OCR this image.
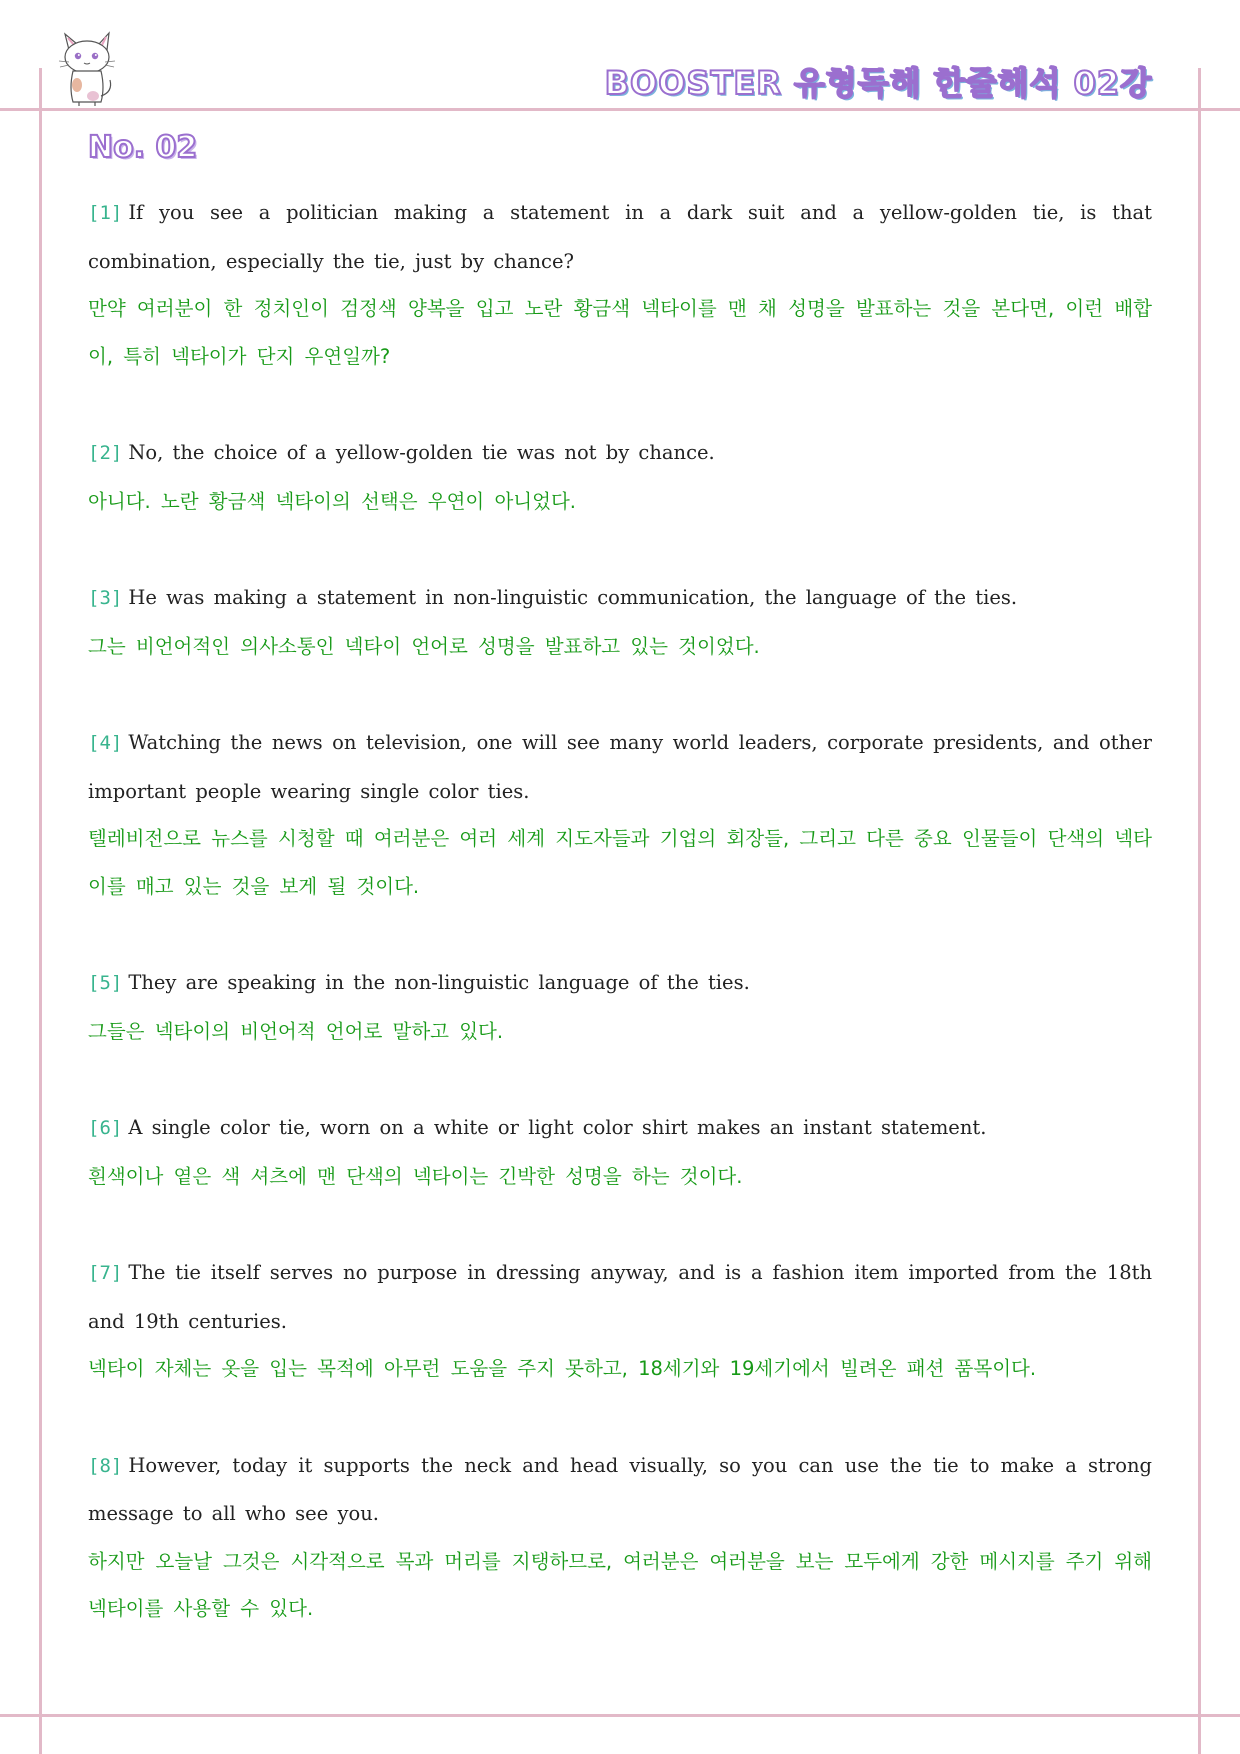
BOOSTER 유형독해 한줄해석 02강
No. 02

[1] If you see a politician making a statement in a dark suit and a yellow-golden tie, is that combination, especially the tie, just by chance?

만약 여러분이 한 정치인이 검정색 양복을 입고 노란 황금색 넥타이를 맨 채 성명을 발표하는 것을 본다면, 이런 배합이, 특히 넥타이가 단지 우연일까?

[2] No, the choice of a yellow-golden tie was not by chance.

아니다. 노란 황금색 넥타이의 선택은 우연이 아니었다.

[3] He was making a statement in non-linguistic communication, the language of the ties.

그는 비언어적인 의사소통인 넥타이 언어로 성명을 발표하고 있는 것이었다.

[4] Watching the news on television, one will see many world leaders, corporate presidents, and other important people wearing single color ties.

텔레비전으로 뉴스를 시청할 때 여러분은 여러 세계 지도자들과 기업의 회장들, 그리고 다른 중요 인물들이 단색의 넥타이를 매고 있는 것을 보게 될 것이다.

[5] They are speaking in the non-linguistic language of the ties.

그들은 넥타이의 비언어적 언어로 말하고 있다.

[6] A single color tie, worn on a white or light color shirt makes an instant statement.

흰색이나 옅은 색 셔츠에 맨 단색의 넥타이는 긴박한 성명을 하는 것이다.

[7] The tie itself serves no purpose in dressing anyway, and is a fashion item imported from the 18th and 19th centuries.

넥타이 자체는 옷을 입는 목적에 아무런 도움을 주지 못하고, 18세기와 19세기에서 빌려온 패션 품목이다.

[8] However, today it supports the neck and head visually, so you can use the tie to make a strong message to all who see you.

하지만 오늘날 그것은 시각적으로 목과 머리를 지탱하므로, 여러분은 여러분을 보는 모두에게 강한 메시지를 주기 위해 넥타이를 사용할 수 있다.
